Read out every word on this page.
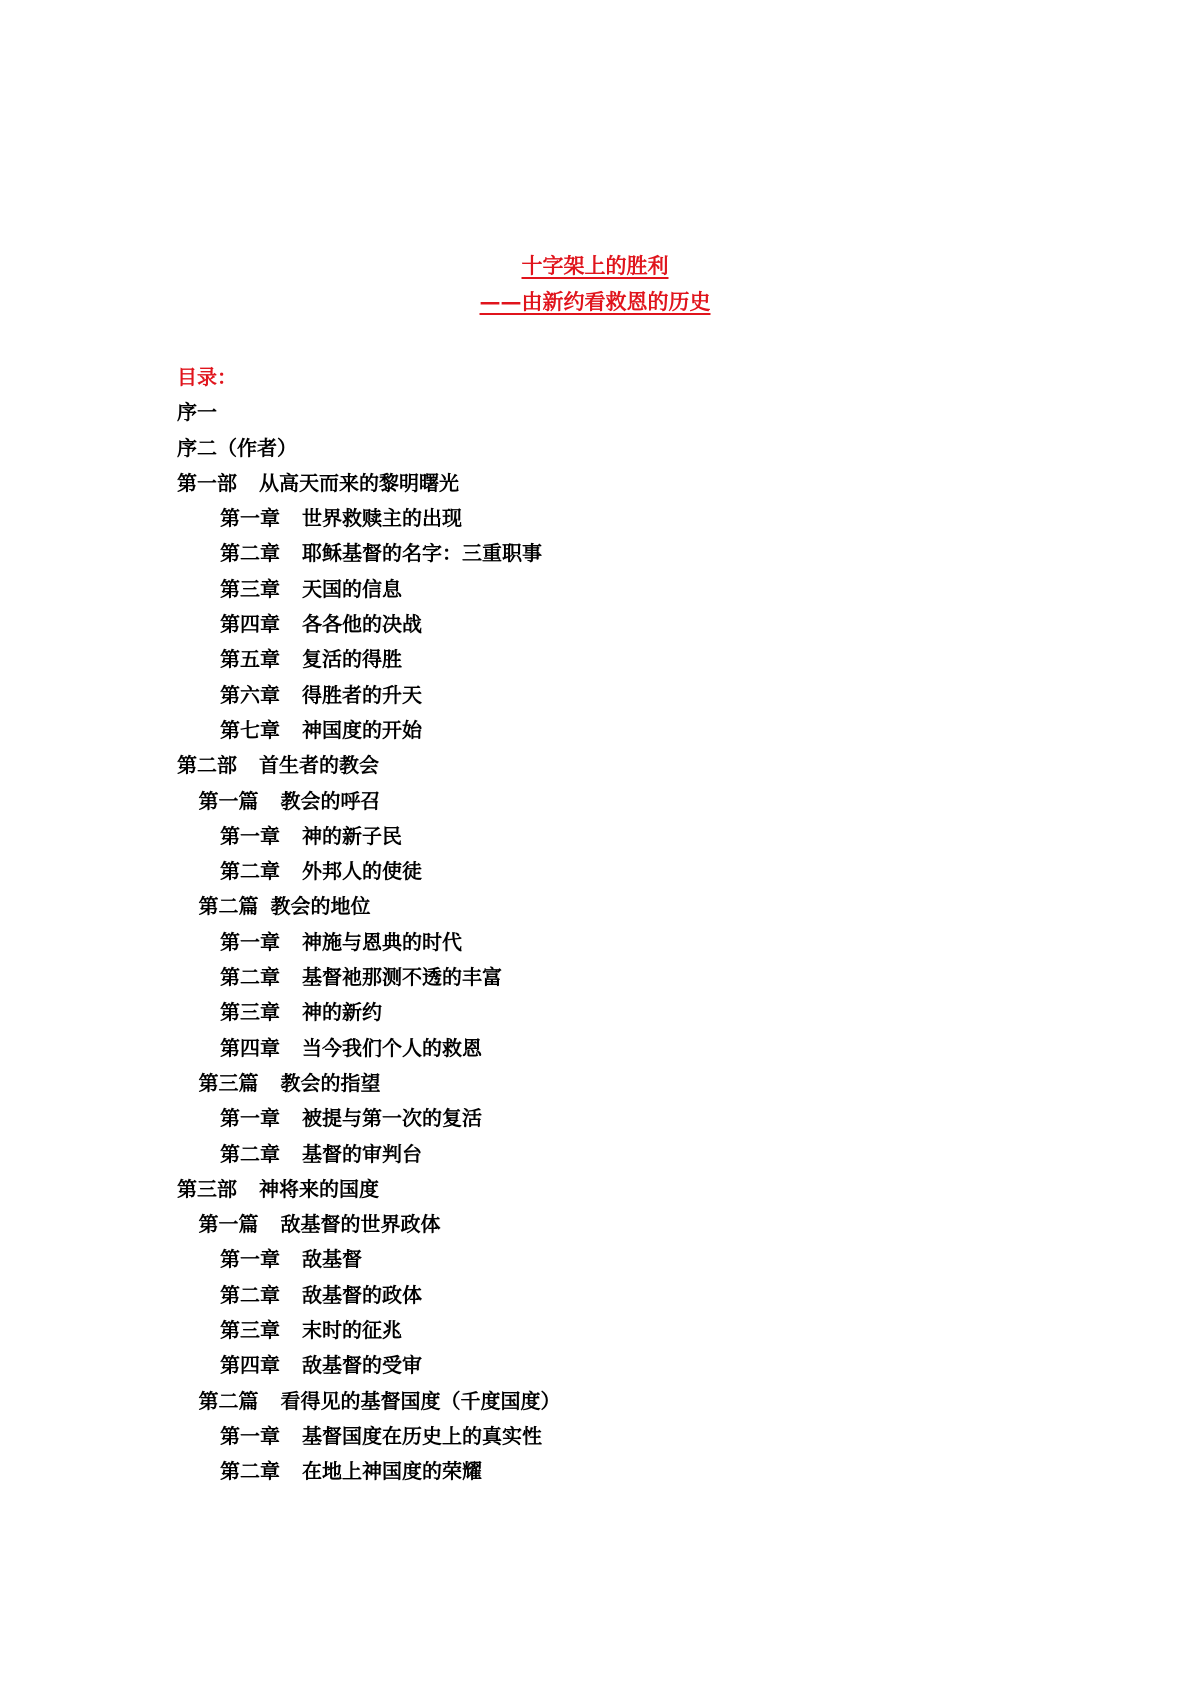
十字架上的胜利
——由新约看救恩的历史
目录：
序一
序二（作者）
第一部 从高天而来的黎明曙光
第一章 世界救赎主的出现
第二章 耶稣基督的名字：三重职事
第三章 天国的信息
第四章 各各他的决战
第五章 复活的得胜
第六章 得胜者的升天
第七章 神国度的开始
第二部 首生者的教会
第一篇 教会的呼召
第一章 神的新子民
第二章 外邦人的使徒
第二篇 教会的地位
第一章 神施与恩典的时代
第二章 基督祂那测不透的丰富
第三章 神的新约
第四章 当今我们个人的救恩
第三篇 教会的指望
第一章 被提与第一次的复活
第二章 基督的审判台
第三部 神将来的国度
第一篇 敌基督的世界政体
第一章 敌基督
第二章 敌基督的政体
第三章 末时的征兆
第四章 敌基督的受审
第二篇 看得见的基督国度（千度国度）
第一章 基督国度在历史上的真实性
第二章 在地上神国度的荣耀
